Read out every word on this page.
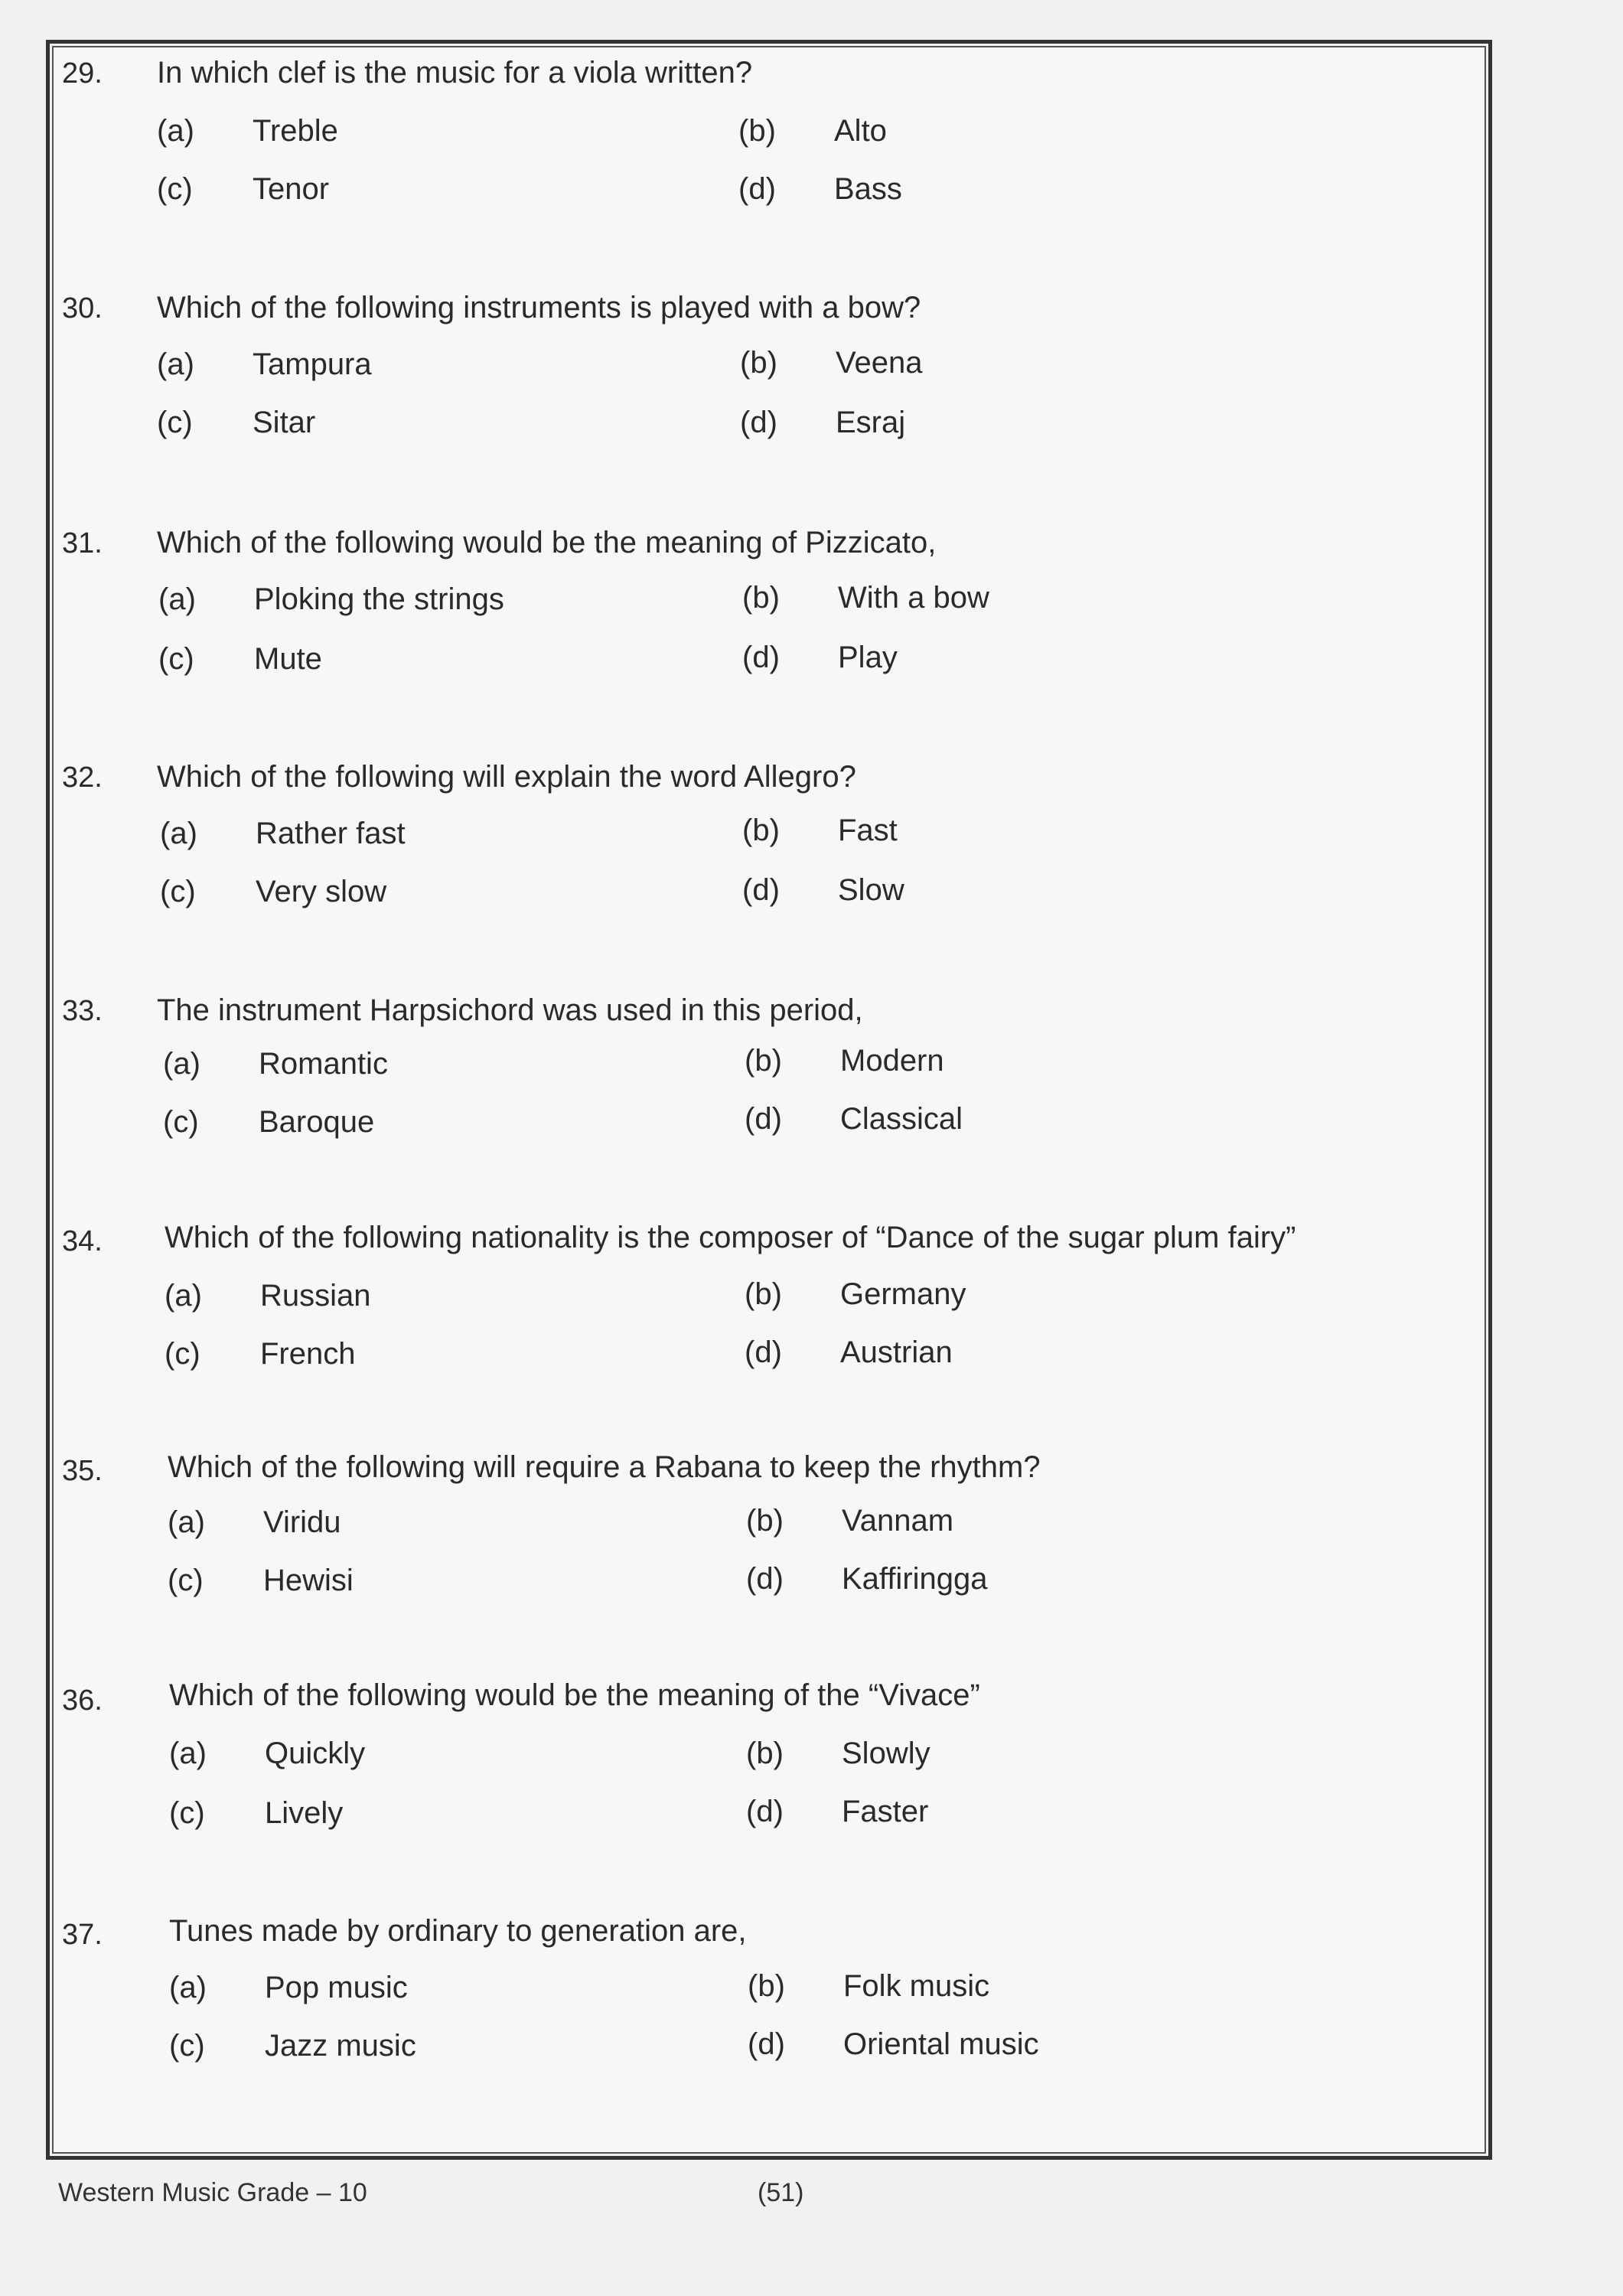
29. In which clef is the music for a viola written?
(a) Treble	(b) Alto
(c) Tenor	(d) Bass
30. Which of the following instruments is played with a bow?
(a) Tampura	(b) Veena
(c) Sitar	(d) Esraj
31. Which of the following would be the meaning of Pizzicato,
(a) Ploking the strings	(b) With a bow
(c) Mute	(d) Play
32. Which of the following will explain the word Allegro?
(a) Rather fast	(b) Fast
(c) Very slow	(d) Slow
33. The instrument Harpsichord was used in this period,
(a) Romantic	(b) Modern
(c) Baroque	(d) Classical
34. Which of the following nationality is the composer of “Dance of the sugar plum fairy”
(a) Russian	(b) Germany
(c) French	(d) Austrian
35. Which of the following will require a Rabana to keep the rhythm?
(a) Viridu	(b) Vannam
(c) Hewisi	(d) Kaffiringga
36. Which of the following would be the meaning of the “Vivace”
(a) Quickly	(b) Slowly
(c) Lively	(d) Faster
37. Tunes made by ordinary to generation are,
(a) Pop music	(b) Folk music
(c) Jazz music	(d) Oriental music
Western Music Grade – 10	(51)
